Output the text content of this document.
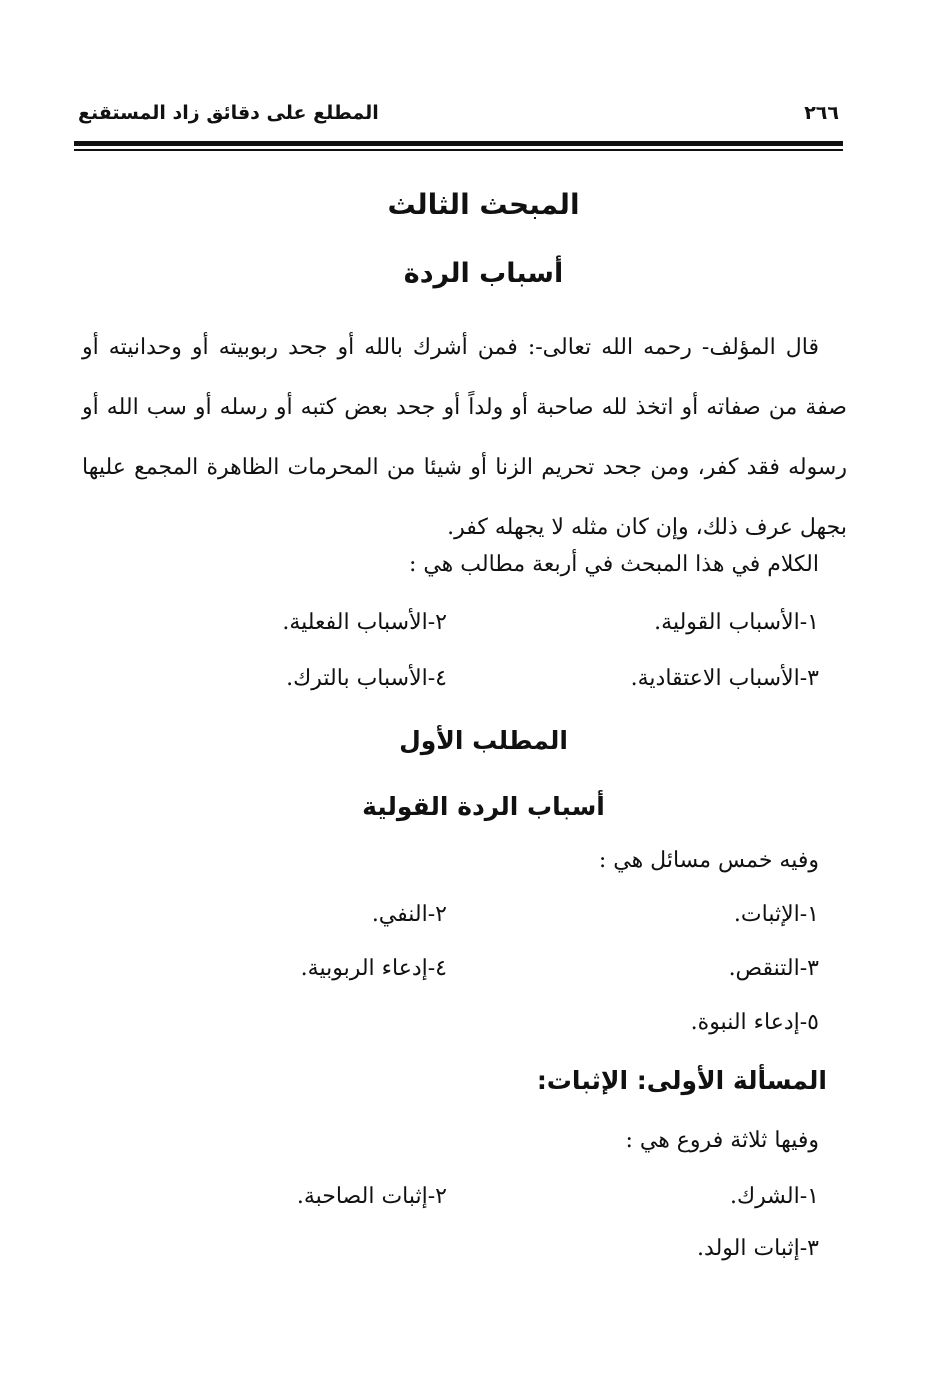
٢٦٦
المطلع على دقائق زاد المستقنع
المبحث الثالث
أسباب الردة
قال المؤلف- رحمه الله تعالى-: فمن أشرك بالله أو جحد ربوبيته أو وحدانيته أو صفة من صفاته أو اتخذ لله صاحبة أو ولداً أو جحد بعض كتبه أو رسله أو سب الله أو رسوله فقد كفر، ومن جحد تحريم الزنا أو شيئا من المحرمات الظاهرة المجمع عليها بجهل عرف ذلك، وإن كان مثله لا يجهله كفر.
الكلام في هذا المبحث في أربعة مطالب هي :
١-الأسباب القولية.
٢-الأسباب الفعلية.
٣-الأسباب الاعتقادية.
٤-الأسباب بالترك.
المطلب الأول
أسباب الردة القولية
وفيه خمس مسائل هي :
١-الإثبات.
٢-النفي.
٣-التنقص.
٤-إدعاء الربوبية.
٥-إدعاء النبوة.
المسألة الأولى: الإثبات:
وفيها ثلاثة فروع هي :
١-الشرك.
٢-إثبات الصاحبة.
٣-إثبات الولد.
